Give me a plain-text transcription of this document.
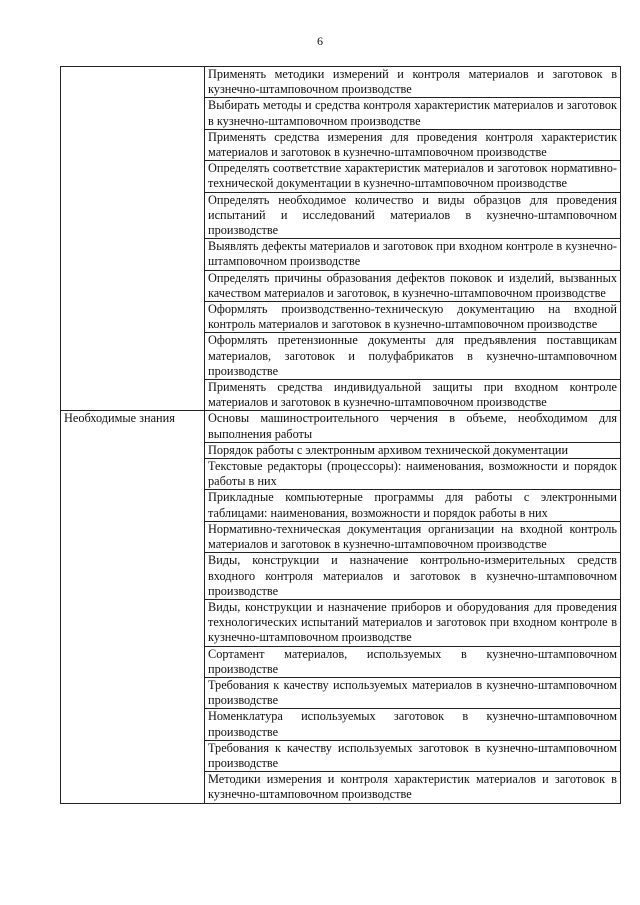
6
	Применять методики измерений и контроля материалов и заготовок в кузнечно-штамповочном производстве
	Выбирать методы и средства контроля характеристик материалов и заготовок в кузнечно-штамповочном производстве
	Применять средства измерения для проведения контроля характеристик материалов и заготовок в кузнечно-штамповочном производстве
	Определять соответствие характеристик материалов и заготовок нормативно-технической документации в кузнечно-штамповочном производстве
	Определять необходимое количество и виды образцов для проведения испытаний и исследований материалов в кузнечно-штамповочном производстве
	Выявлять дефекты материалов и заготовок при входном контроле в кузнечно-штамповочном производстве
	Определять причины образования дефектов поковок и изделий, вызванных качеством материалов и заготовок, в кузнечно-штамповочном производстве
	Оформлять производственно-техническую документацию на входной контроль материалов и заготовок в кузнечно-штамповочном производстве
	Оформлять претензионные документы для предъявления поставщикам материалов, заготовок и полуфабрикатов в кузнечно-штамповочном производстве
	Применять средства индивидуальной защиты при входном контроле материалов и заготовок в кузнечно-штамповочном производстве
Необходимые знания	Основы машиностроительного черчения в объеме, необходимом для выполнения работы
	Порядок работы с электронным архивом технической документации
	Текстовые редакторы (процессоры): наименования, возможности и порядок работы в них
	Прикладные компьютерные программы для работы с электронными таблицами: наименования, возможности и порядок работы в них
	Нормативно-техническая документация организации на входной контроль материалов и заготовок в кузнечно-штамповочном производстве
	Виды, конструкции и назначение контрольно-измерительных средств входного контроля материалов и заготовок в кузнечно-штамповочном производстве
	Виды, конструкции и назначение приборов и оборудования для проведения технологических испытаний материалов и заготовок при входном контроле в кузнечно-штамповочном производстве
	Сортамент материалов, используемых в кузнечно-штамповочном производстве
	Требования к качеству используемых материалов в кузнечно-штамповочном производстве
	Номенклатура используемых заготовок в кузнечно-штамповочном производстве
	Требования к качеству используемых заготовок в кузнечно-штамповочном производстве
	Методики измерения и контроля характеристик материалов и заготовок в кузнечно-штамповочном производстве
